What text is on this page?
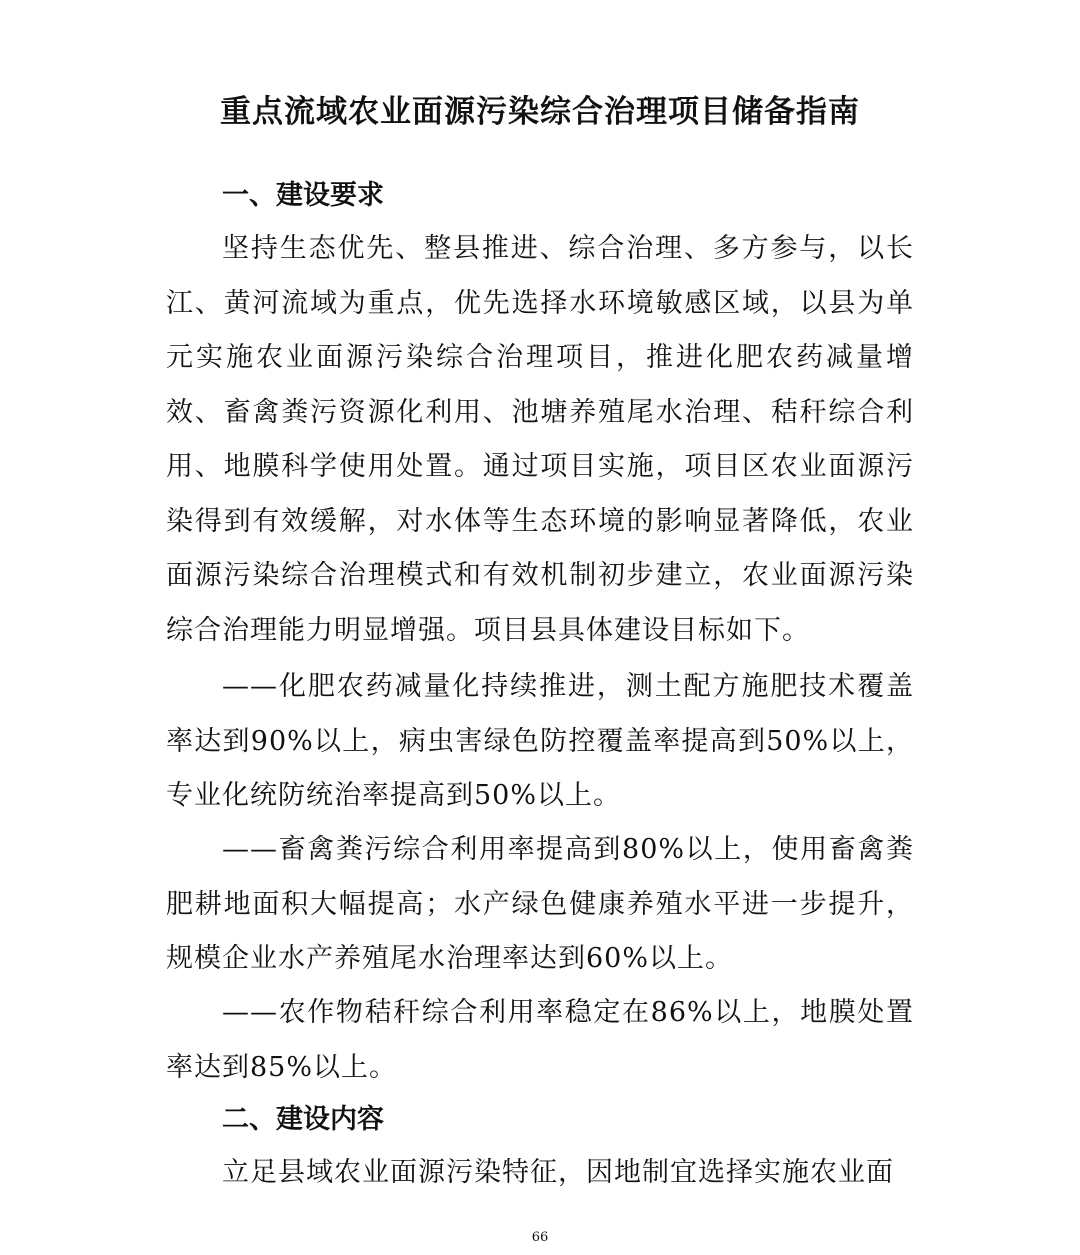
重点流域农业面源污染综合治理项目储备指南
一、建设要求

坚持生态优先、整县推进、综合治理、多方参与，以长江、黄河流域为重点，优先选择水环境敏感区域，以县为单元实施农业面源污染综合治理项目，推进化肥农药减量增效、畜禽粪污资源化利用、池塘养殖尾水治理、秸秆综合利用、地膜科学使用处置。通过项目实施，项目区农业面源污染得到有效缓解，对水体等生态环境的影响显著降低，农业面源污染综合治理模式和有效机制初步建立，农业面源污染综合治理能力明显增强。项目县具体建设目标如下。

——化肥农药减量化持续推进，测土配方施肥技术覆盖率达到90%以上，病虫害绿色防控覆盖率提高到50%以上，专业化统防统治率提高到50%以上。

——畜禽粪污综合利用率提高到80%以上，使用畜禽粪肥耕地面积大幅提高；水产绿色健康养殖水平进一步提升，规模企业水产养殖尾水治理率达到60%以上。

——农作物秸秆综合利用率稳定在86%以上，地膜处置率达到85%以上。

二、建设内容

立足县域农业面源污染特征，因地制宜选择实施农业面

66
